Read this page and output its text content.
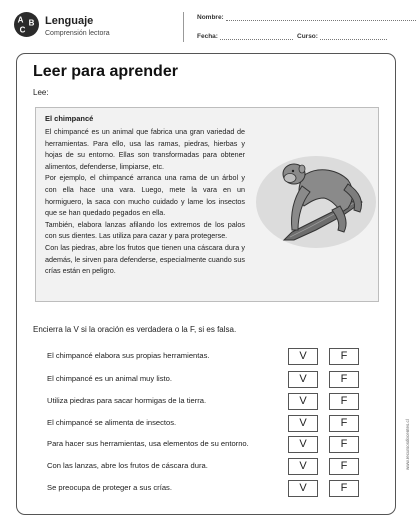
A B
C
Lenguaje
Comprensión lectora
Nombre:
Fecha:	Curso:
Leer para aprender
Lee:
El chimpancé

El chimpancé es un animal que fabrica una gran variedad de herramientas. Para ello, usa las ramas, piedras, hierbas y hojas de su entorno. Ellas son transformadas para obtener alimentos, defenderse, limpiarse, etc.

Por ejemplo, el chimpancé arranca una rama de un árbol y con ella hace una vara. Luego, mete la vara en un hormiguero, la saca con mucho cuidado y lame los insectos que se han quedado pegados en ella.

También, elabora lanzas afilando los extremos de los palos con sus dientes. Las utiliza para cazar y para protegerse.

Con las piedras, abre los frutos que tienen una cáscara dura y además, le sirven para defenderse, especialmente cuando sus crías están en peligro.

Encierra la V si la oración es verdadera o la F, si es falsa.
El chimpancé elabora sus propias herramientas.	V	F
El chimpancé es un animal muy listo.	V	F
Utiliza piedras para sacar hormigas de la tierra.	V	F
El chimpancé se alimenta de insectos.	V	F
Para hacer sus herramientas, usa elementos de su entorno.	V	F
Con las lanzas, abre los frutos de cáscara dura.	V	F
Se preocupa de proteger a sus crías.	V	F
www.recursosdocentes.cl
